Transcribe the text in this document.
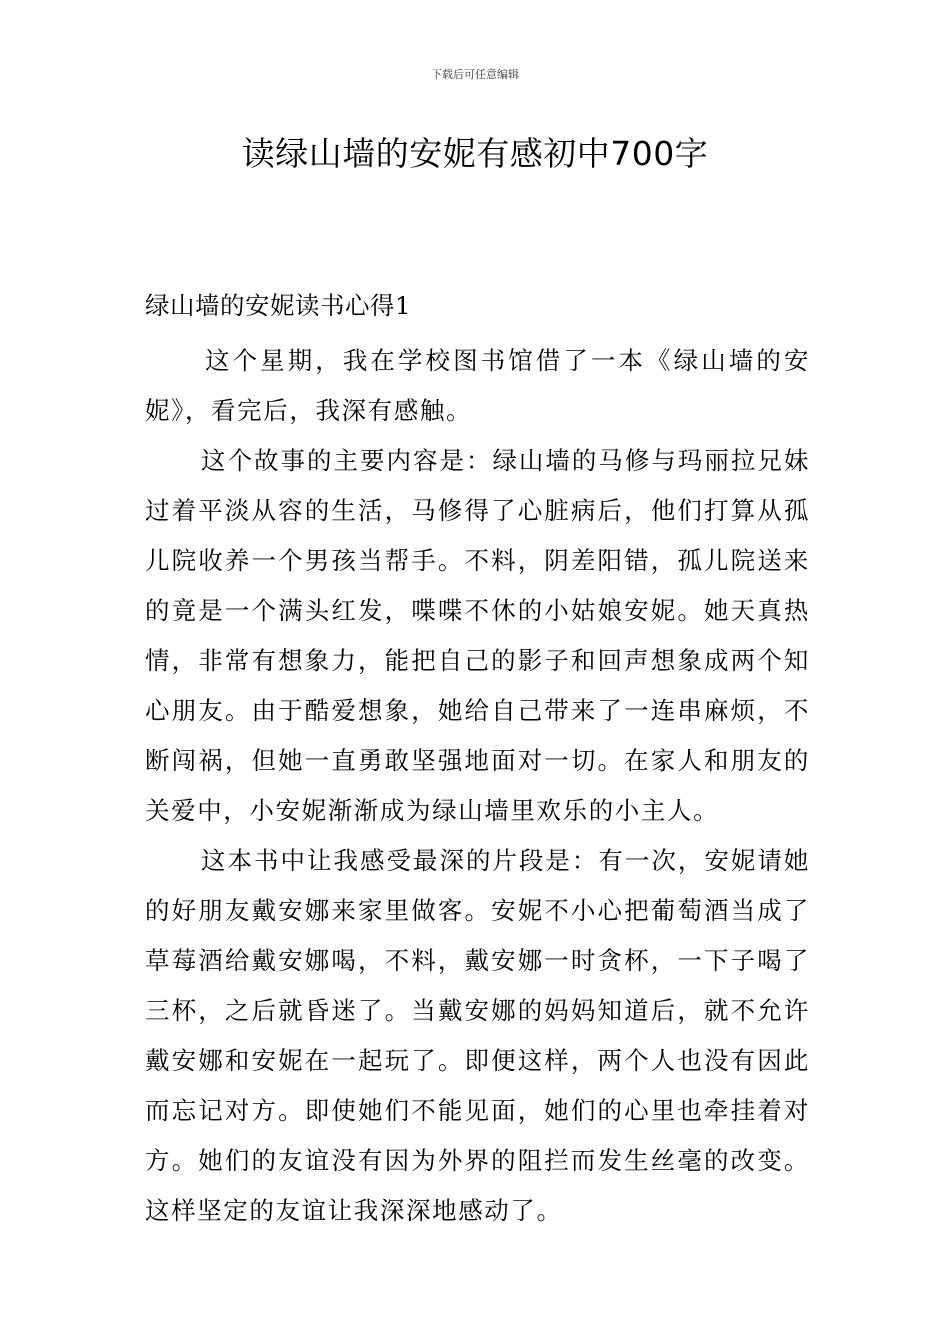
下载后可任意编辑
读绿山墙的安妮有感初中700字
绿山墙的安妮读书心得1

这个星期，我在学校图书馆借了一本《绿山墙的安妮》，看完后，我深有感触。

这个故事的主要内容是：绿山墙的马修与玛丽拉兄妹过着平淡从容的生活，马修得了心脏病后，他们打算从孤儿院收养一个男孩当帮手。不料，阴差阳错，孤儿院送来的竟是一个满头红发，喋喋不休的小姑娘安妮。她天真热情，非常有想象力，能把自己的影子和回声想象成两个知心朋友。由于酷爱想象，她给自己带来了一连串麻烦，不断闯祸，但她一直勇敢坚强地面对一切。在家人和朋友的关爱中，小安妮渐渐成为绿山墙里欢乐的小主人。

这本书中让我感受最深的片段是：有一次，安妮请她的好朋友戴安娜来家里做客。安妮不小心把葡萄酒当成了草莓酒给戴安娜喝，不料，戴安娜一时贪杯，一下子喝了三杯，之后就昏迷了。当戴安娜的妈妈知道后，就不允许戴安娜和安妮在一起玩了。即便这样，两个人也没有因此而忘记对方。即使她们不能见面，她们的心里也牵挂着对方。她们的友谊没有因为外界的阻拦而发生丝毫的改变。这样坚定的友谊让我深深地感动了。
